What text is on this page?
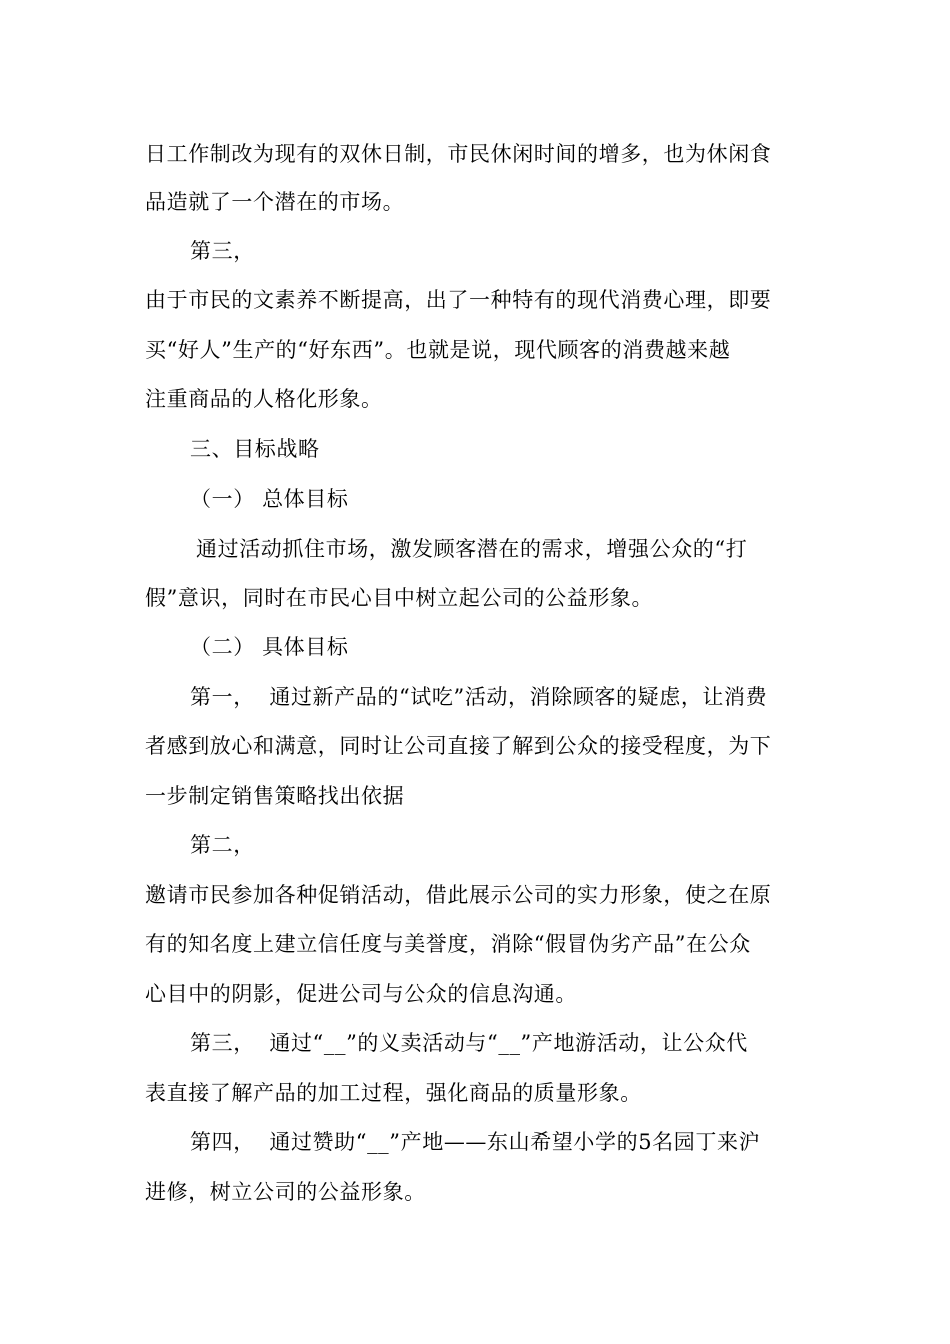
日工作制改为现有的双休日制，市民休闲时间的增多，也为休闲食
品造就了一个潜在的市场。
第三，
由于市民的文素养不断提高，出了一种特有的现代消费心理，即要
买“好人”生产的“好东西”。也就是说，现代顾客的消费越来越
注重商品的人格化形象。
三、目标战略
（一） 总体目标
通过活动抓住市场，激发顾客潜在的需求，增强公众的“打
假”意识，同时在市民心目中树立起公司的公益形象。
（二） 具体目标
第一，  通过新产品的“试吃”活动，消除顾客的疑虑，让消费
者感到放心和满意，同时让公司直接了解到公众的接受程度，为下
一步制定销售策略找出依据
第二，
邀请市民参加各种促销活动，借此展示公司的实力形象，使之在原
有的知名度上建立信任度与美誉度，消除“假冒伪劣产品”在公众
心目中的阴影，促进公司与公众的信息沟通。
第三，  通过“__”的义卖活动与“__”产地游活动，让公众代
表直接了解产品的加工过程，强化商品的质量形象。
第四，  通过赞助“__”产地——东山希望小学的5名园丁来沪
进修，树立公司的公益形象。
